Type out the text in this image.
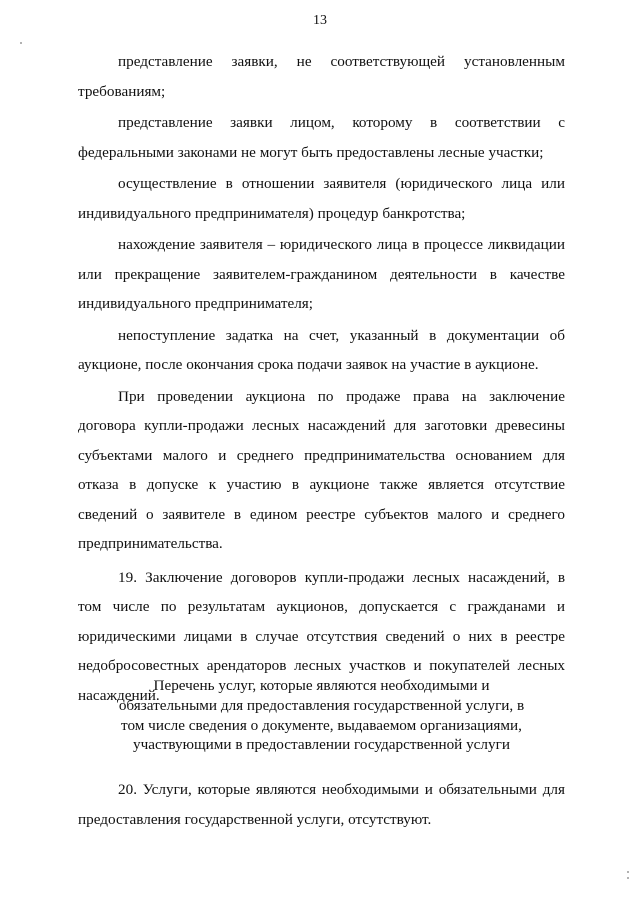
13

представление заявки, не соответствующей установленным требованиям;

представление заявки лицом, которому в соответствии с федеральными законами не могут быть предоставлены лесные участки;

осуществление в отношении заявителя (юридического лица или индивидуального предпринимателя) процедур банкротства;

нахождение заявителя – юридического лица в процессе ликвидации или прекращение заявителем-гражданином деятельности в качестве индивидуального предпринимателя;

непоступление задатка на счет, указанный в документации об аукционе, после окончания срока подачи заявок на участие в аукционе.

При проведении аукциона по продаже права на заключение договора купли-продажи лесных насаждений для заготовки древесины субъектами малого и среднего предпринимательства основанием для отказа в допуске к участию в аукционе также является отсутствие сведений о заявителе в едином реестре субъектов малого и среднего предпринимательства.

19. Заключение договоров купли-продажи лесных насаждений, в том числе по результатам аукционов, допускается с гражданами и юридическими лицами в случае отсутствия сведений о них в реестре недобросовестных арендаторов лесных участков и покупателей лесных насаждений.

Перечень услуг, которые являются необходимыми и
обязательными для предоставления государственной услуги, в
том числе сведения о документе, выдаваемом организациями,
участвующими в предоставлении государственной услуги

20. Услуги, которые являются необходимыми и обязательными для предоставления государственной услуги, отсутствуют.
